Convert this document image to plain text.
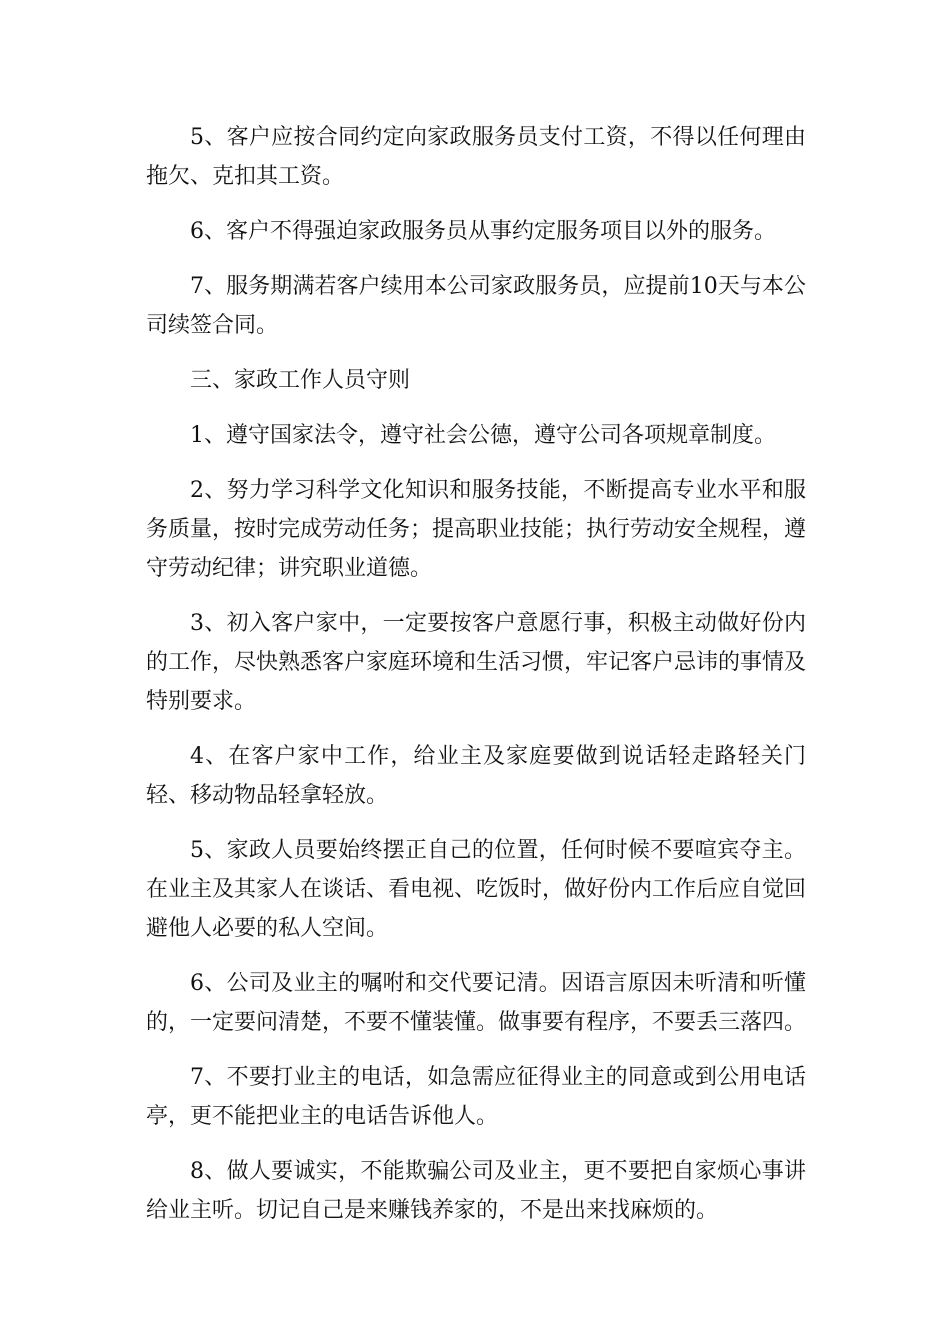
5、客户应按合同约定向家政服务员支付工资，不得以任何理由拖欠、克扣其工资。

6、客户不得强迫家政服务员从事约定服务项目以外的服务。

7、服务期满若客户续用本公司家政服务员，应提前10天与本公司续签合同。

三、家政工作人员守则

1、遵守国家法令，遵守社会公德，遵守公司各项规章制度。

2、努力学习科学文化知识和服务技能，不断提高专业水平和服务质量，按时完成劳动任务；提高职业技能；执行劳动安全规程，遵守劳动纪律；讲究职业道德。

3、初入客户家中，一定要按客户意愿行事，积极主动做好份内的工作，尽快熟悉客户家庭环境和生活习惯，牢记客户忌讳的事情及特别要求。

4、在客户家中工作，给业主及家庭要做到说话轻走路轻关门轻、移动物品轻拿轻放。

5、家政人员要始终摆正自己的位置，任何时候不要喧宾夺主。在业主及其家人在谈话、看电视、吃饭时，做好份内工作后应自觉回避他人必要的私人空间。

6、公司及业主的嘱咐和交代要记清。因语言原因未听清和听懂的，一定要问清楚，不要不懂装懂。做事要有程序，不要丢三落四。

7、不要打业主的电话，如急需应征得业主的同意或到公用电话亭，更不能把业主的电话告诉他人。

8、做人要诚实，不能欺骗公司及业主，更不要把自家烦心事讲给业主听。切记自己是来赚钱养家的，不是出来找麻烦的。
